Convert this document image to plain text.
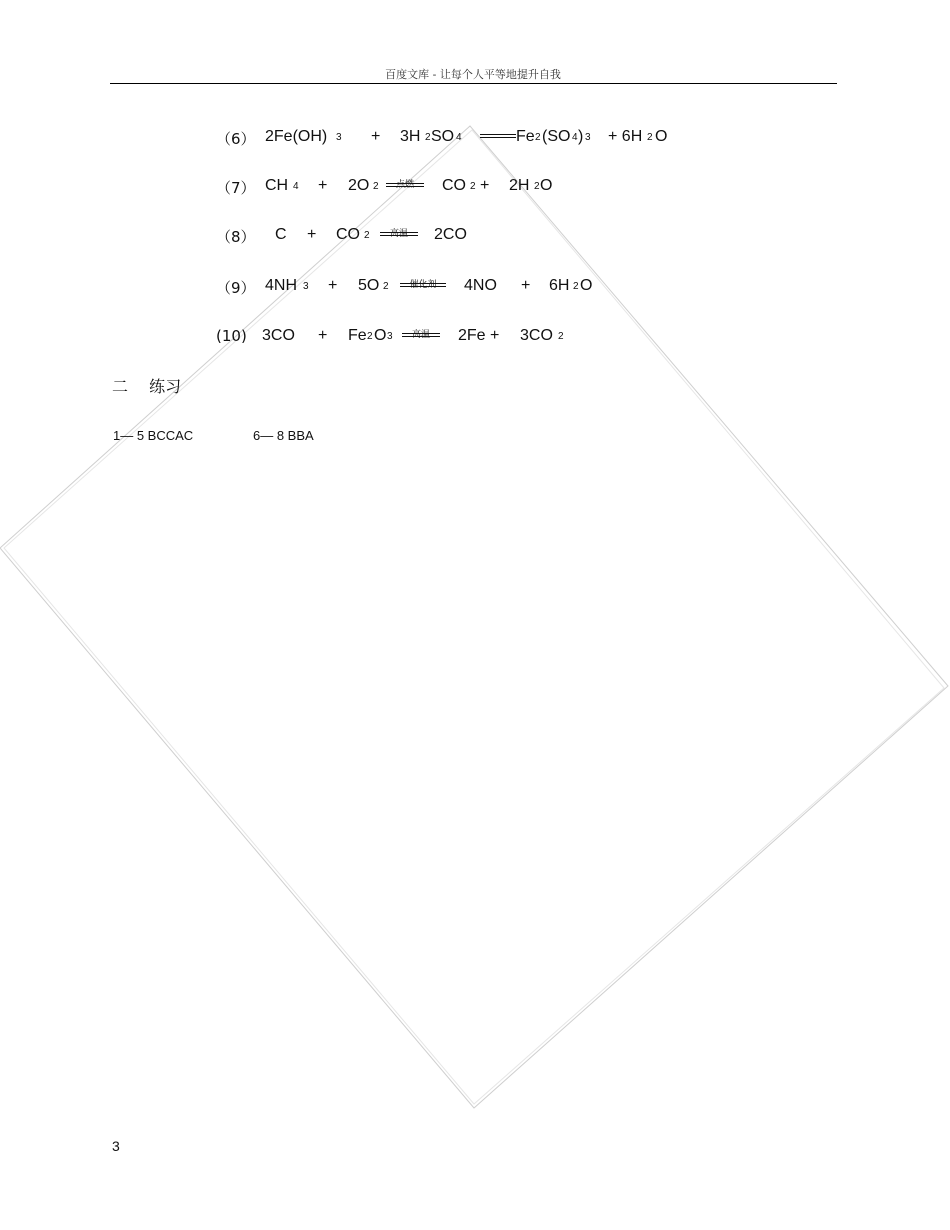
百度文库 - 让每个人平等地提升自我
（6） 2Fe(OH) 3 + 3H 2 SO 4	Fe 2 (SO 4 ) 3 + 6H 2 O
（7） CH 4 + 2O 2	点燃	CO 2 + 2H 2 O
（8） C + CO 2	高温	2CO
（9） 4NH 3 + 5O 2	催化剂	4NO + 6H 2 O
(10) 3CO + Fe 2 O 3	高温	2Fe + 3CO 2
二 练习
1— 5 BCCAC	6— 8 BBA
3
